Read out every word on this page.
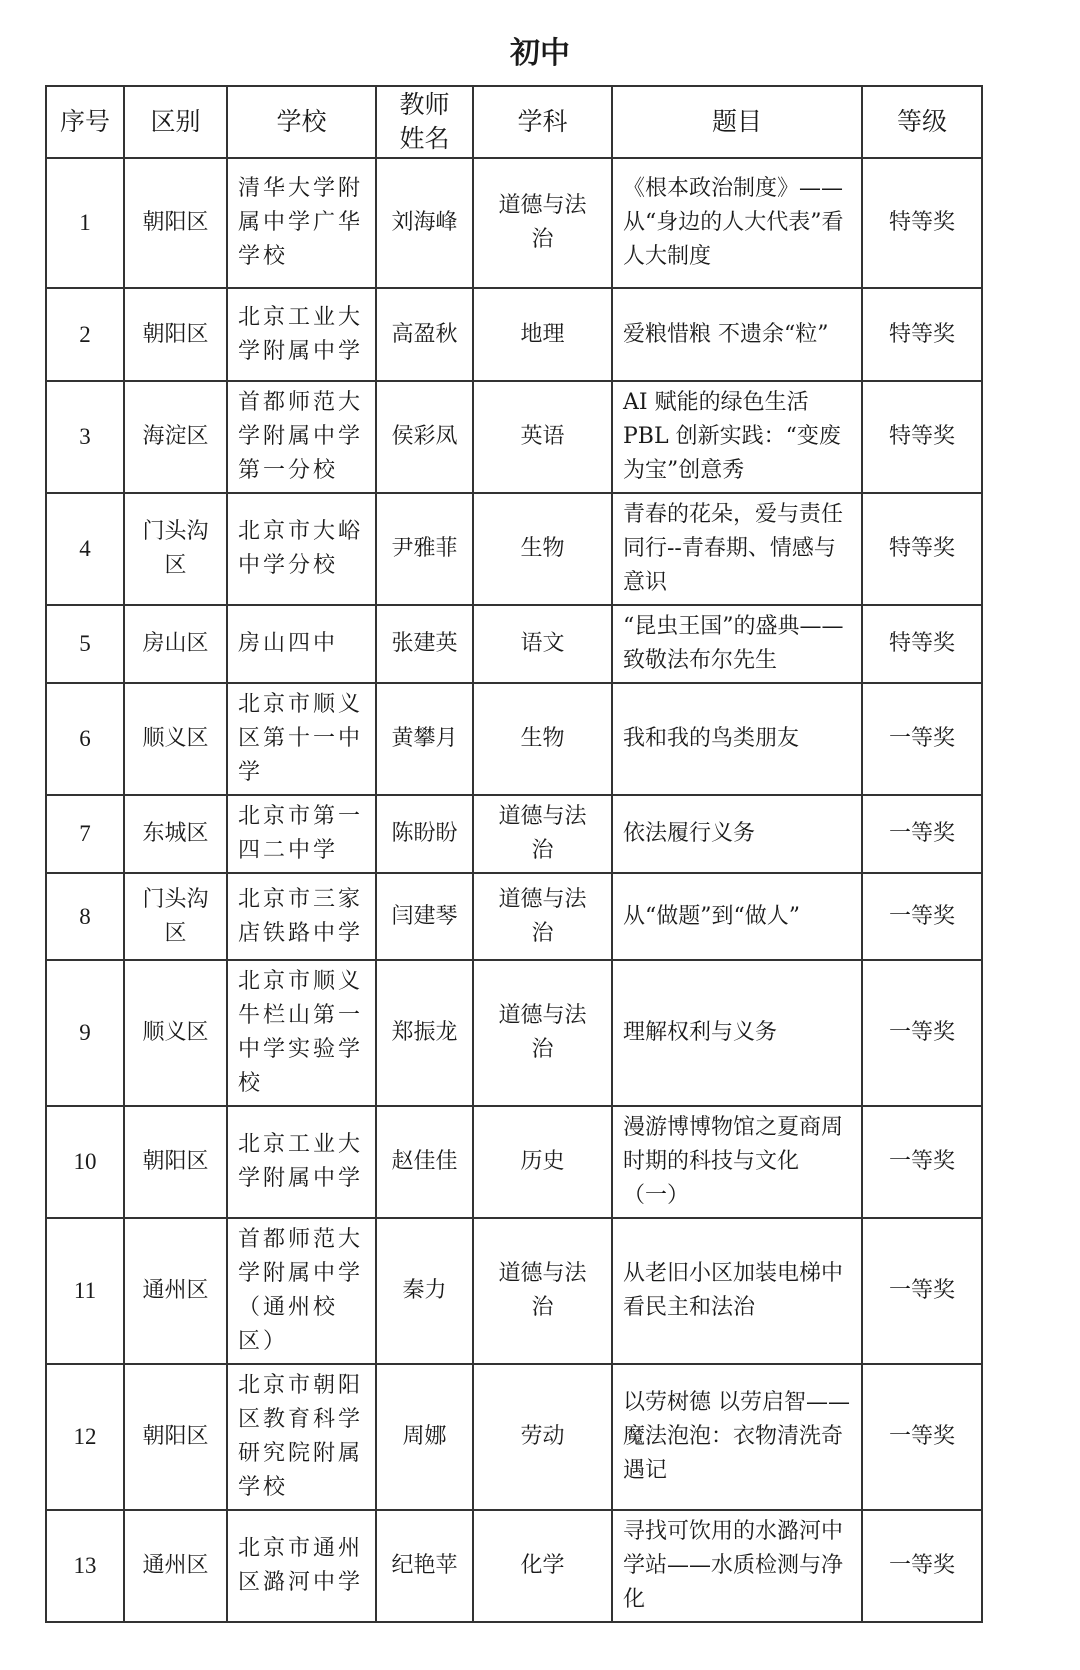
初中
序号	区别	学校	教师姓名	学科	题目	等级
1	朝阳区	清华大学附属中学广华学校	刘海峰	道德与法治	《根本政治制度》——从“身边的人大代表”看人大制度	特等奖
2	朝阳区	北京工业大学附属中学	高盈秋	地理	爱粮惜粮 不遗余“粒”	特等奖
3	海淀区	首都师范大学附属中学第一分校	侯彩凤	英语	AI 赋能的绿色生活PBL 创新实践：“变废为宝”创意秀	特等奖
4	门头沟区	北京市大峪中学分校	尹雅菲	生物	青春的花朵，爱与责任同行--青春期、情感与意识	特等奖
5	房山区	房山四中	张建英	语文	“昆虫王国”的盛典——致敬法布尔先生	特等奖
6	顺义区	北京市顺义区第十一中学	黄攀月	生物	我和我的鸟类朋友	一等奖
7	东城区	北京市第一四二中学	陈盼盼	道德与法治	依法履行义务	一等奖
8	门头沟区	北京市三家店铁路中学	闫建琴	道德与法治	从“做题”到“做人”	一等奖
9	顺义区	北京市顺义牛栏山第一中学实验学校	郑振龙	道德与法治	理解权利与义务	一等奖
10	朝阳区	北京工业大学附属中学	赵佳佳	历史	漫游博博物馆之夏商周时期的科技与文化（一）	一等奖
11	通州区	首都师范大学附属中学（通州校区）	秦力	道德与法治	从老旧小区加装电梯中看民主和法治	一等奖
12	朝阳区	北京市朝阳区教育科学研究院附属学校	周娜	劳动	以劳树德 以劳启智——魔法泡泡：衣物清洗奇遇记	一等奖
13	通州区	北京市通州区潞河中学	纪艳苹	化学	寻找可饮用的水潞河中学站——水质检测与净化	一等奖
